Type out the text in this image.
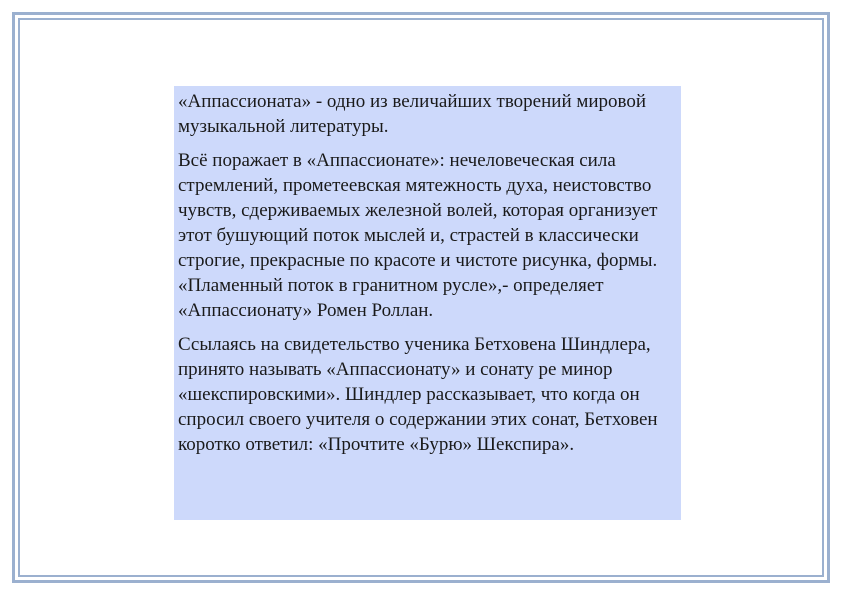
«Аппассионата» - одно из величайших творений мировой музыкальной литературы.

Всё поражает в «Аппассионате»: нечеловеческая сила стремлений, прометеевская мятежность духа, неистовство чувств, сдерживаемых железной волей, которая организует этот бушующий поток мыслей и, страстей в классически строгие, прекрасные по красоте и чистоте рисунка, формы. «Пламенный поток в гранитном русле»,- определяет «Аппассионату» Ромен Роллан.

Ссылаясь на свидетельство ученика Бетховена Шиндлера, принято называть «Аппассионату» и сонату ре минор «шекспировскими». Шиндлер рассказывает, что когда он спросил своего учителя о содержании этих сонат, Бетховен коротко ответил: «Прочтите «Бурю» Шекспира».
